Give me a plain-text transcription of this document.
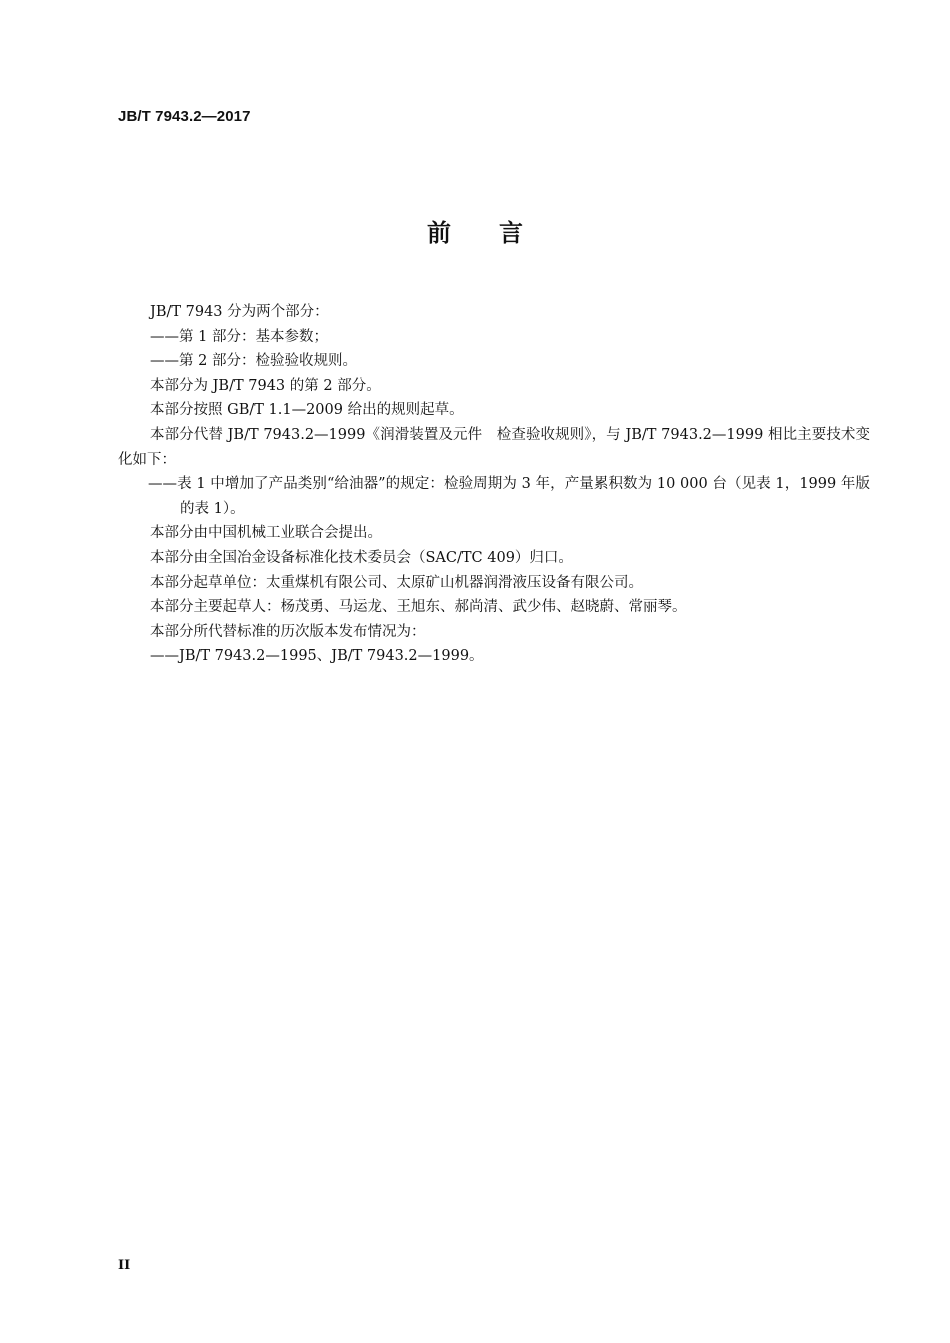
JB/T 7943.2—2017
前言

JB/T 7943 分为两个部分：

——第 1 部分：基本参数；

——第 2 部分：检验验收规则。

本部分为 JB/T 7943 的第 2 部分。

本部分按照 GB/T 1.1—2009 给出的规则起草。

本部分代替 JB/T 7943.2—1999《润滑装置及元件　检查验收规则》，与 JB/T 7943.2—1999 相比主要技术变化如下：

——表 1 中增加了产品类别“给油器”的规定：检验周期为 3 年，产量累积数为 10 000 台（见表 1，1999 年版的表 1）。

本部分由中国机械工业联合会提出。

本部分由全国冶金设备标准化技术委员会（SAC/TC 409）归口。

本部分起草单位：太重煤机有限公司、太原矿山机器润滑液压设备有限公司。

本部分主要起草人：杨茂勇、马运龙、王旭东、郝尚清、武少伟、赵晓蔚、常丽琴。

本部分所代替标准的历次版本发布情况为：

——JB/T 7943.2—1995、JB/T 7943.2—1999。

II
